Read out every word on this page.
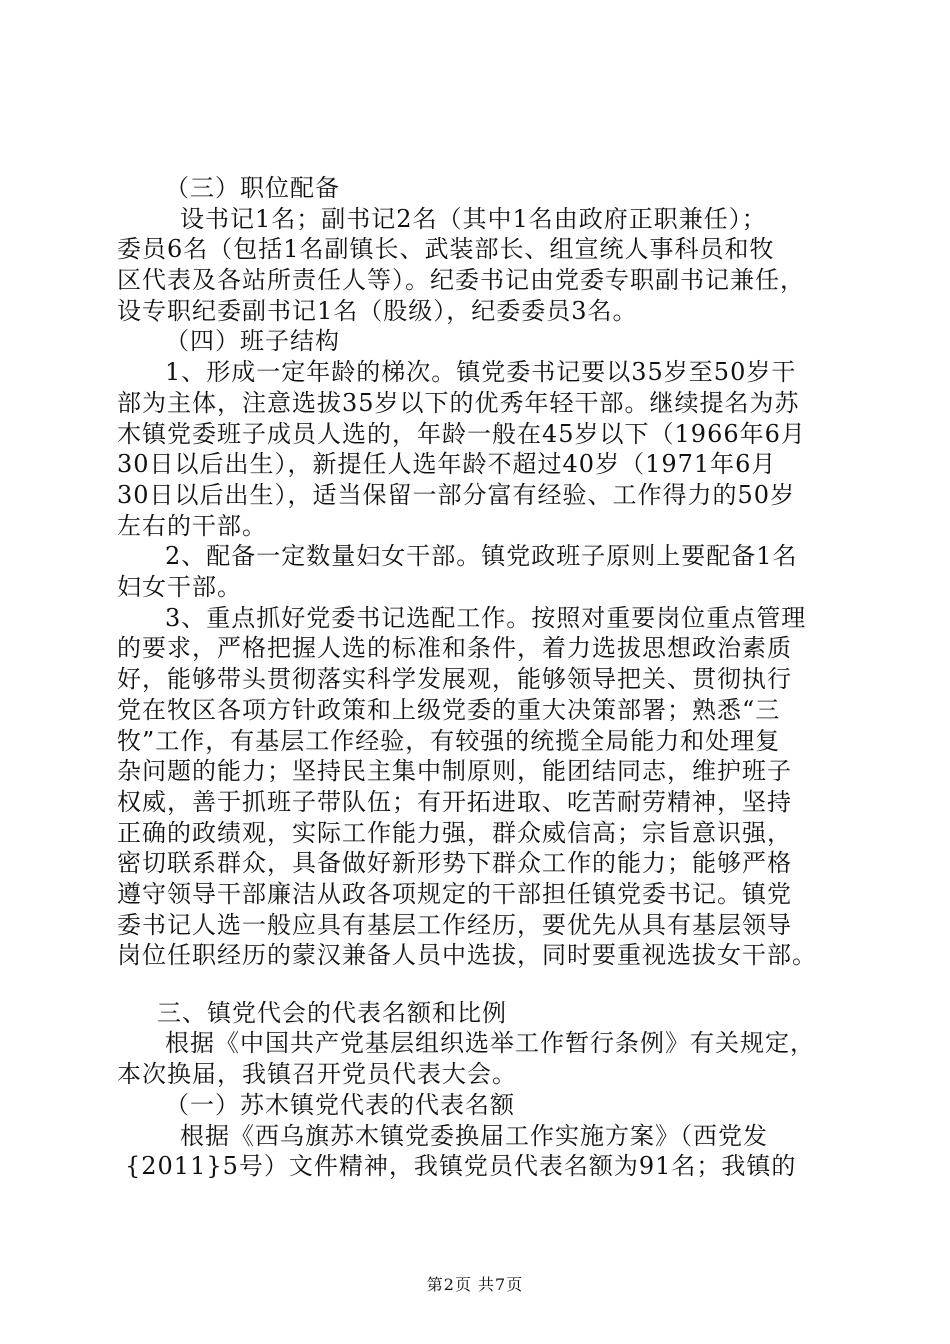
（三）职位配备
设书记1名；副书记2名（其中1名由政府正职兼任）；
委员6名（包括1名副镇长、武装部长、组宣统人事科员和牧
区代表及各站所责任人等）。纪委书记由党委专职副书记兼任，
设专职纪委副书记1名（股级），纪委委员3名。
（四）班子结构
1、形成一定年龄的梯次。镇党委书记要以35岁至50岁干
部为主体，注意选拔35岁以下的优秀年轻干部。继续提名为苏
木镇党委班子成员人选的，年龄一般在45岁以下（1966年6月
30日以后出生），新提任人选年龄不超过40岁（1971年6月
30日以后出生），适当保留一部分富有经验、工作得力的50岁
左右的干部。
2、配备一定数量妇女干部。镇党政班子原则上要配备1名
妇女干部。
3、重点抓好党委书记选配工作。按照对重要岗位重点管理
的要求，严格把握人选的标准和条件，着力选拔思想政治素质
好，能够带头贯彻落实科学发展观，能够领导把关、贯彻执行
党在牧区各项方针政策和上级党委的重大决策部署；熟悉“三
牧”工作，有基层工作经验，有较强的统揽全局能力和处理复
杂问题的能力；坚持民主集中制原则，能团结同志，维护班子
权威，善于抓班子带队伍；有开拓进取、吃苦耐劳精神，坚持
正确的政绩观，实际工作能力强，群众威信高；宗旨意识强，
密切联系群众，具备做好新形势下群众工作的能力；能够严格
遵守领导干部廉洁从政各项规定的干部担任镇党委书记。镇党
委书记人选一般应具有基层工作经历，要优先从具有基层领导
岗位任职经历的蒙汉兼备人员中选拔，同时要重视选拔女干部。
三、镇党代会的代表名额和比例
根据《中国共产党基层组织选举工作暂行条例》有关规定，
本次换届，我镇召开党员代表大会。
（一）苏木镇党代表的代表名额
根据《西乌旗苏木镇党委换届工作实施方案》（西党发
{2011}5号）文件精神，我镇党员代表名额为91名；我镇的
第2页 共7页
